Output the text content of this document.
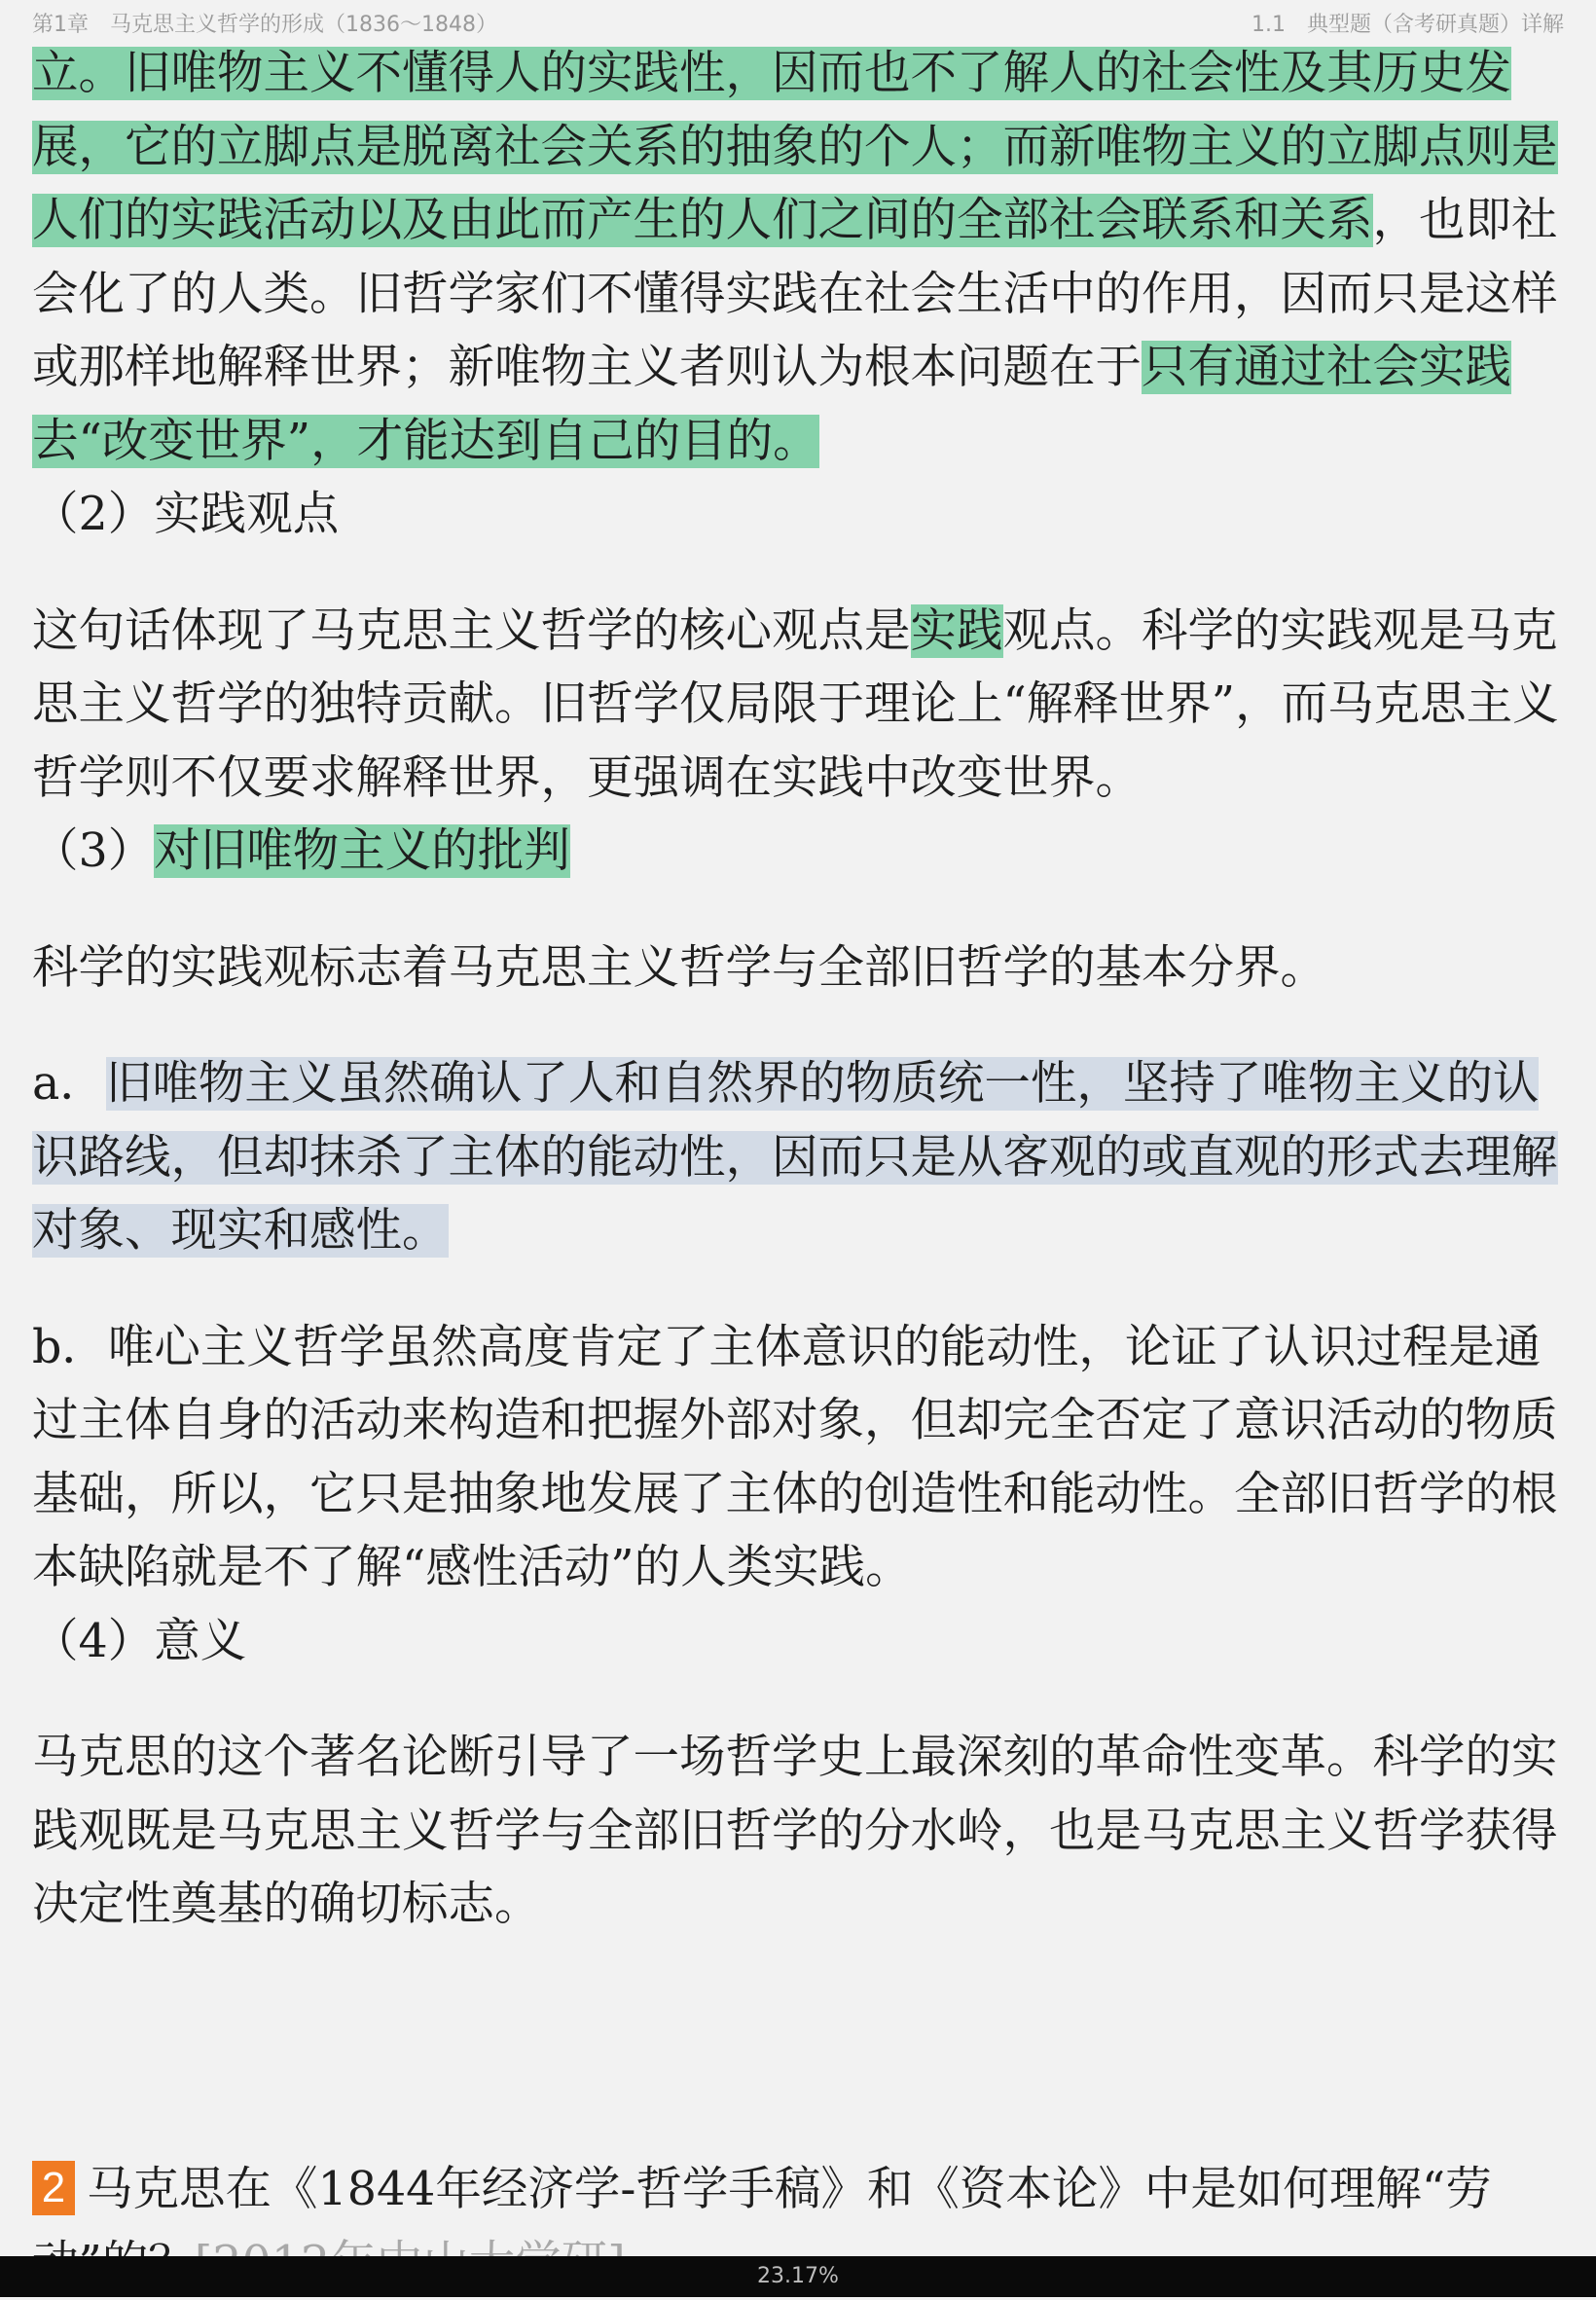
第1章　马克思主义哲学的形成（1836～1848）	1.1　典型题（含考研真题）详解

立。旧唯物主义不懂得人的实践性，因而也不了解人的社会性及其历史发展，它的立脚点是脱离社会关系的抽象的个人；而新唯物主义的立脚点则是人们的实践活动以及由此而产生的人们之间的全部社会联系和关系，也即社会化了的人类。旧哲学家们不懂得实践在社会生活中的作用，因而只是这样或那样地解释世界；新唯物主义者则认为根本问题在于只有通过社会实践去“改变世界”，才能达到自己的目的。

（2）实践观点

这句话体现了马克思主义哲学的核心观点是实践观点。科学的实践观是马克思主义哲学的独特贡献。旧哲学仅局限于理论上“解释世界”，而马克思主义哲学则不仅要求解释世界，更强调在实践中改变世界。

（3）对旧唯物主义的批判

科学的实践观标志着马克思主义哲学与全部旧哲学的基本分界。

a．旧唯物主义虽然确认了人和自然界的物质统一性，坚持了唯物主义的认识路线，但却抹杀了主体的能动性，因而只是从客观的或直观的形式去理解对象、现实和感性。

b．唯心主义哲学虽然高度肯定了主体意识的能动性，论证了认识过程是通过主体自身的活动来构造和把握外部对象，但却完全否定了意识活动的物质基础，所以，它只是抽象地发展了主体的创造性和能动性。全部旧哲学的根本缺陷就是不了解“感性活动”的人类实践。

（4）意义

马克思的这个著名论断引导了一场哲学史上最深刻的革命性变革。科学的实践观既是马克思主义哲学与全部旧哲学的分水岭，也是马克思主义哲学获得决定性奠基的确切标志。

2 马克思在《1844年经济学-哲学手稿》和《资本论》中是如何理解“劳
23.17%
